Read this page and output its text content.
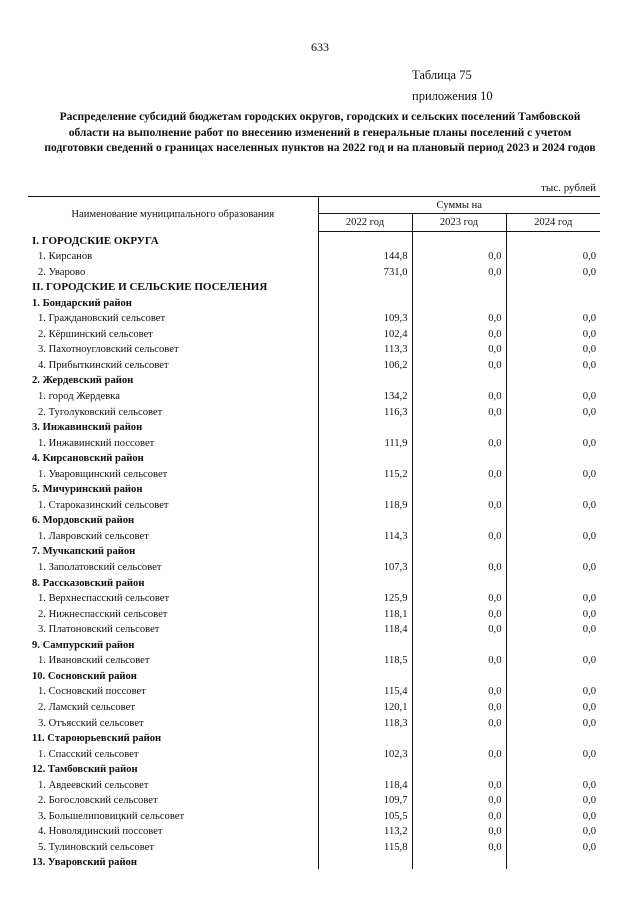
633
Таблица 75
приложения 10
Распределение субсидий бюджетам городских округов, городских и сельских поселений Тамбовской области на выполнение работ по внесению изменений в генеральные планы поселений с учетом подготовки сведений о границах населенных пунктов на 2022 год и на плановый период 2023 и 2024 годов
тыс. рублей
Наименование муниципального образования	Суммы на		
	2022 год	2023 год	2024 год
I. ГОРОДСКИЕ ОКРУГА			
1. Кирсанов	144,8	0,0	0,0
2. Уварово	731,0	0,0	0,0
II. ГОРОДСКИЕ И СЕЛЬСКИЕ ПОСЕЛЕНИЯ			
1. Бондарский район			
1. Граждановский сельсовет	109,3	0,0	0,0
2. Кёршинский сельсовет	102,4	0,0	0,0
3. Пахотноугловский сельсовет	113,3	0,0	0,0
4. Прибыткинский сельсовет	106,2	0,0	0,0
2. Жердевский район			
1. город Жердевка	134,2	0,0	0,0
2. Туголуковский сельсовет	116,3	0,0	0,0
3. Инжавинский район			
1. Инжавинский поссовет	111,9	0,0	0,0
4. Кирсановский район			
1. Уваровщинский сельсовет	115,2	0,0	0,0
5. Мичуринский район			
1. Староказинский сельсовет	118,9	0,0	0,0
6. Мордовский район			
1. Лавровский сельсовет	114,3	0,0	0,0
7. Мучкапский район			
1. Заполатовский сельсовет	107,3	0,0	0,0
8. Рассказовский район			
1. Верхнеспасский сельсовет	125,9	0,0	0,0
2. Нижнеспасский сельсовет	118,1	0,0	0,0
3. Платоновский сельсовет	118,4	0,0	0,0
9. Сампурский район			
1. Ивановский сельсовет	118,5	0,0	0,0
10. Сосновский район			
1. Сосновский поссовет	115,4	0,0	0,0
2. Ламский сельсовет	120,1	0,0	0,0
3. Отъясский сельсовет	118,3	0,0	0,0
11. Староюрьевский район			
1. Спасский сельсовет	102,3	0,0	0,0
12. Тамбовский район			
1. Авдеевский сельсовет	118,4	0,0	0,0
2. Богословский сельсовет	109,7	0,0	0,0
3. Большелиповицкий сельсовет	105,5	0,0	0,0
4. Новолядинский поссовет	113,2	0,0	0,0
5. Тулиновский сельсовет	115,8	0,0	0,0
13. Уваровский район			
